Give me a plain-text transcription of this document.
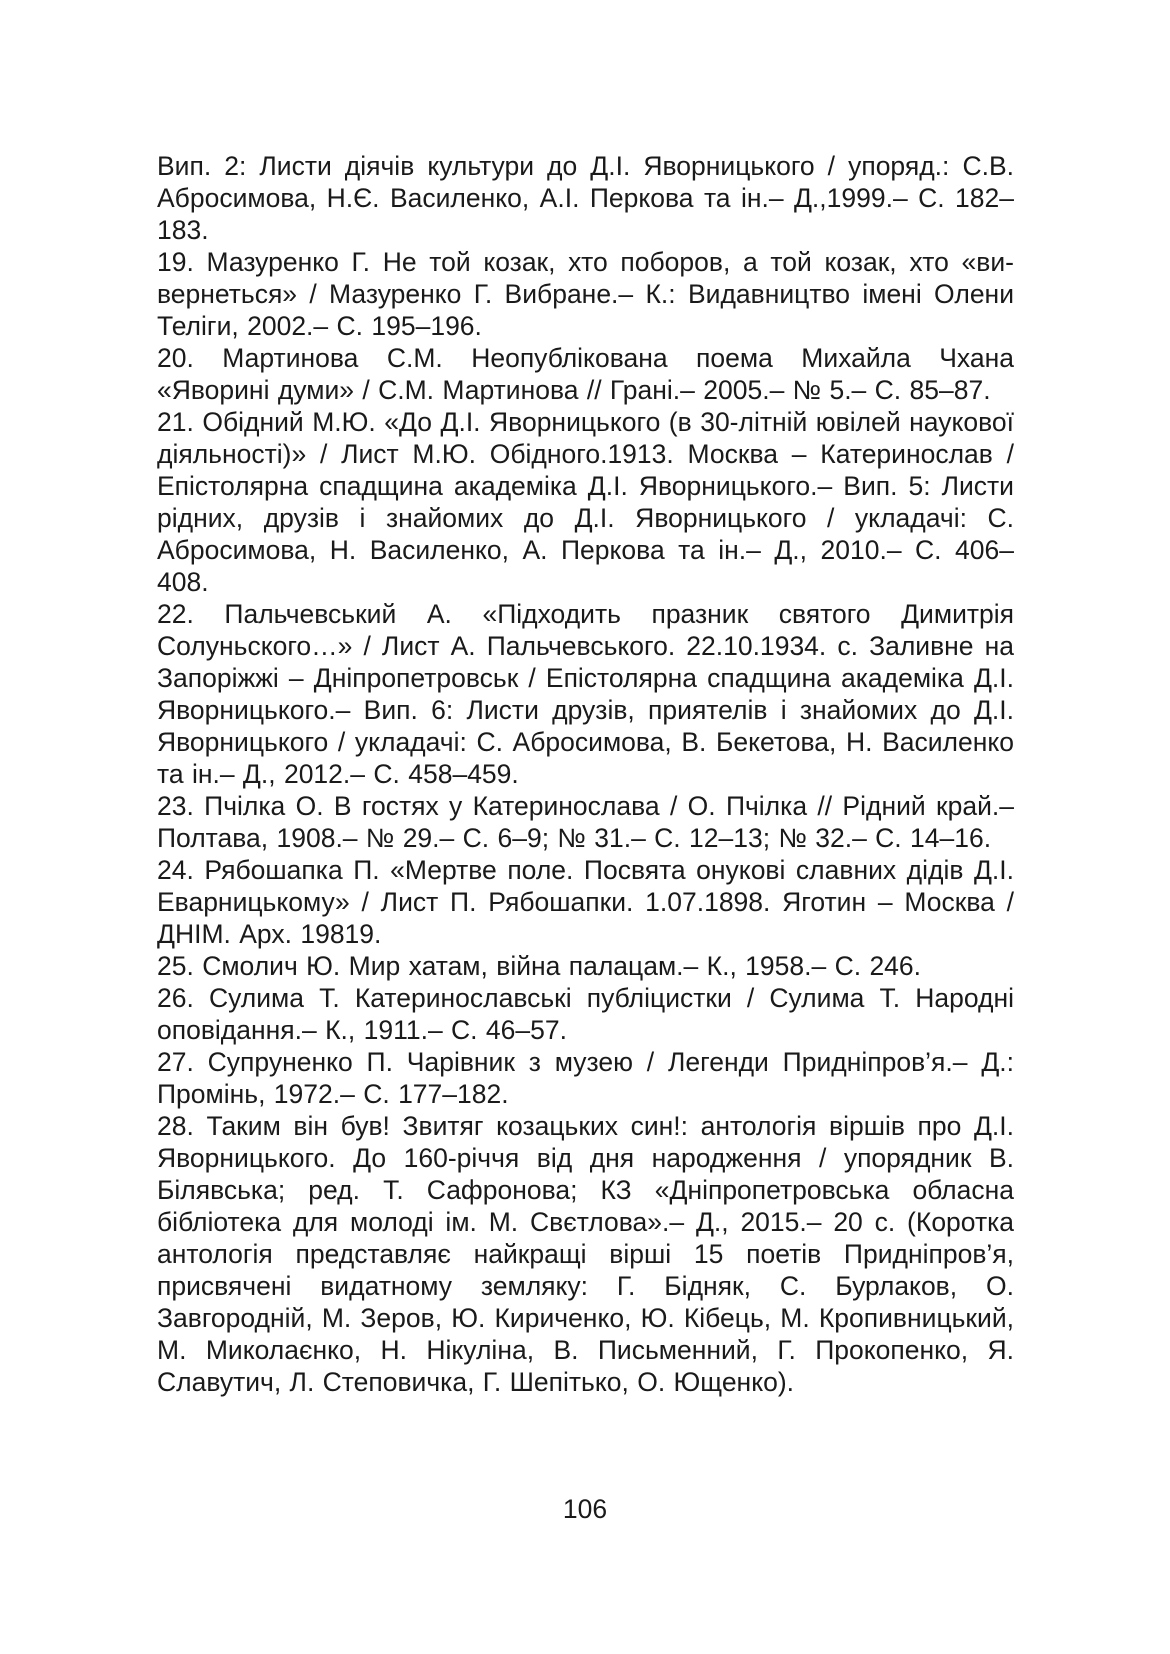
Вип. 2: Листи діячів культури до Д.І. Яворницького / упоряд.: С.В. Абросимова, Н.Є. Василенко, А.І. Перкова та ін.– Д.,1999.– С. 182–183.

19. Мазуренко Г. Не той козак, хто поборов, а той козак, хто «ви-вернеться» / Мазуренко Г. Вибране.– К.: Видавництво імені Олени Теліги, 2002.– С. 195–196.

20. Мартинова С.М. Неопублікована поема Михайла Чхана «Яворині думи» / С.М. Мартинова // Грані.– 2005.– № 5.– С. 85–87.

21. Обідний М.Ю. «До Д.І. Яворницького (в 30-літній ювілей наукової діяльності)» / Лист М.Ю. Обідного.1913. Москва – Катеринослав / Епістолярна спадщина академіка Д.І. Яворницького.– Вип. 5: Листи рідних, друзів і знайомих до Д.І. Яворницького / укладачі: С. Абросимова, Н. Василенко, А. Перкова та ін.– Д., 2010.– С. 406–408.

22. Пальчевський А. «Підходить празник святого Димитрія Солуньского…» / Лист А. Пальчевського. 22.10.1934. с. Заливне на Запоріжжі – Дніпропетровськ / Епістолярна спадщина академіка Д.І. Яворницького.– Вип. 6: Листи друзів, приятелів і знайомих до Д.І. Яворницького / укладачі: С. Абросимова, В. Бекетова, Н. Василенко та ін.– Д., 2012.– С. 458–459.

23. Пчілка О. В гостях у Катеринослава / О. Пчілка // Рідний край.– Полтава, 1908.– № 29.– С. 6–9; № 31.– С. 12–13; № 32.– С. 14–16.

24. Рябошапка П. «Мертве поле. Посвята онукові славних дідів Д.І. Еварницькому» / Лист П. Рябошапки. 1.07.1898. Яготин – Москва / ДНІМ. Арх. 19819.

25. Смолич Ю. Мир хатам, війна палацам.– К., 1958.– С. 246.

26. Сулима Т. Катеринославські публіцистки / Сулима Т. Народні оповідання.– К., 1911.– С. 46–57.

27. Супруненко П. Чарівник з музею / Легенди Придніпров’я.– Д.: Промінь, 1972.– С. 177–182.

28. Таким він був! Звитяг козацьких син!: антологія віршів про Д.І. Яворницького. До 160-річчя від дня народження / упорядник В. Білявська; ред. Т. Сафронова; КЗ «Дніпропетровська обласна бібліотека для молоді ім. М. Свєтлова».– Д., 2015.– 20 с. (Коротка антологія представляє найкращі вірші 15 поетів Придніпров’я, присвячені видатному земляку: Г. Бідняк, С. Бурлаков, О. Завгородній, М. Зеров, Ю. Кириченко, Ю. Кібець, М. Кропивницький, М. Миколаєнко, Н. Нікуліна, В. Письменний, Г. Прокопенко, Я. Славутич, Л. Степовичка, Г. Шепітько, О. Ющенко).

106
